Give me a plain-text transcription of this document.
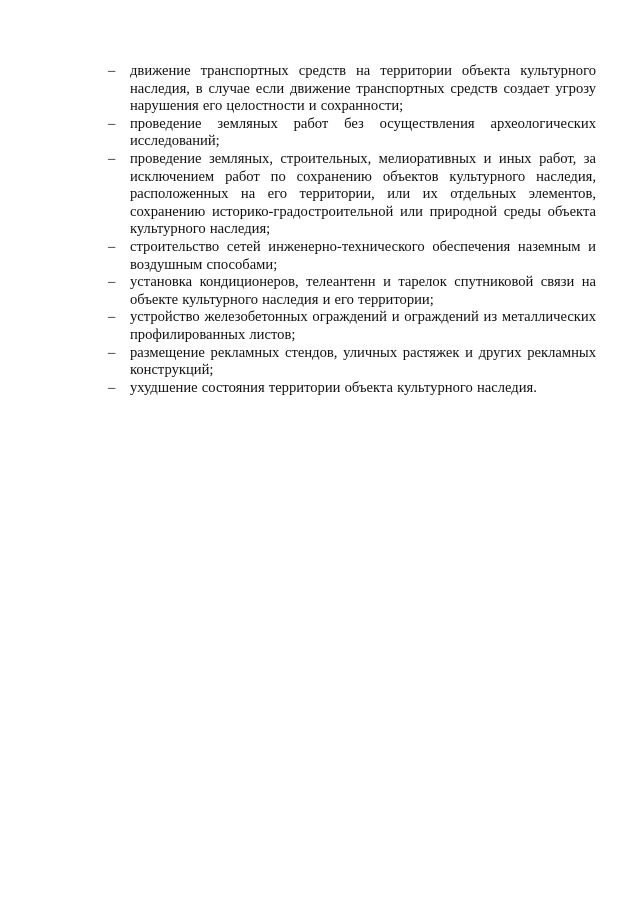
–	движение транспортных средств на территории объекта культурного наследия, в случае если движение транспортных средств создает угрозу нарушения его целостности и сохранности;
–	проведение земляных работ без осуществления археологических исследований;
–	проведение земляных, строительных, мелиоративных и иных работ, за исключением работ по сохранению объектов культурного наследия, расположенных на его территории, или их отдельных элементов, сохранению историко-градостроительной или природной среды объекта культурного наследия;
–	строительство сетей инженерно-технического обеспечения наземным и воздушным способами;
–	установка кондиционеров, телеантенн и тарелок спутниковой связи на объекте культурного наследия и его территории;
–	устройство железобетонных ограждений и ограждений из металлических профилированных листов;
–	размещение рекламных стендов, уличных растяжек и других рекламных конструкций;
–	ухудшение состояния территории объекта культурного наследия.
